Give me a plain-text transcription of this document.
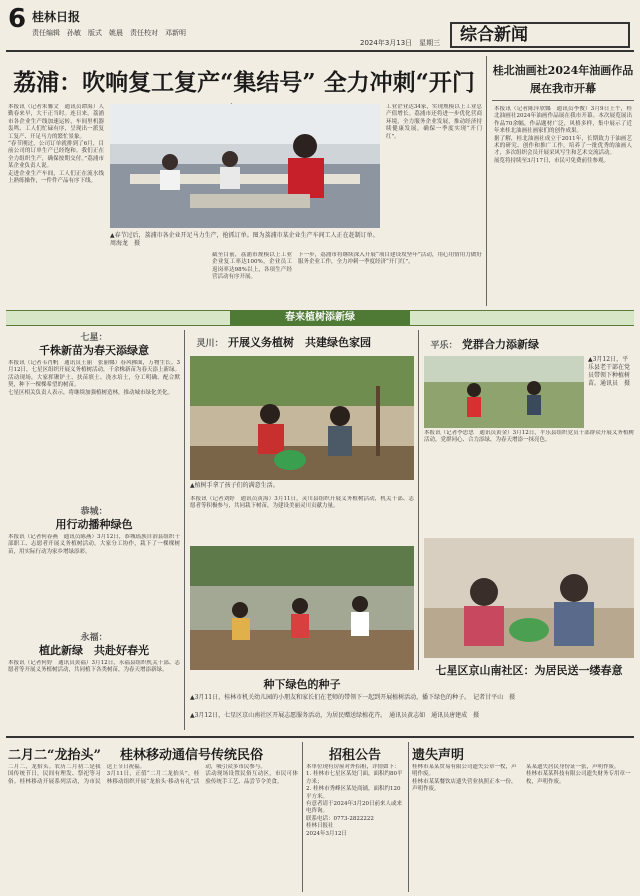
6 桂林日报
责任编辑　孙敏　版式　姚晨　责任校对　邓新明
2024年3月13日　星期三	综合新闻
荔浦：吹响复工复产“集结号” 全力冲刺“开门
本报讯（记者朱馨文　通讯员谭海）人勤春来早，大干正当时。连日来，荔浦市各企业生产线加速运转，车间里机器轰鸣、工人们忙碌有序，呈现出一派复工复产、开足马力的繁忙景象。
“春节刚过，公司订单就排到了6月，目前公司的订单生产已经饱和。我们正在全力组织生产，确保按期交付。”荔浦市某企业负责人说。
走进企业生产车间，工人们正在流水线上熟练操作，一件件产品有序下线。
工业企业达34家，实现规模以上工业总产值增长。荔浦市还将进一步优化营商环境，全力服务企业发展，推动经济持续健康发展，确保一季度实现“开门红”。
截至目前，荔浦市规模以上工业企业复工率达100%，企业员工返岗率达98%以上，各项生产经营活动有序开展。
下一步，荔浦市将继续深入开展“项目建设攻坚年”活动，用心用情用力做好服务企业工作，全力冲刺一季度经济“开门红”。
▲春节过后，荔浦市各企业开足马力生产，抢抓订单。图为荔浦市某企业生产车间工人正在赶制订单。　周海龙　摄
桂北油画社2024年油画作品展在我市开幕
本报讯（记者陈萍欣娜　通讯员李俊）3月9日上午，桂北油画社2024年油画作品展在我市开幕。本次展览展出作品70余幅，作品题材广泛，风格多样，集中展示了近年来桂北油画社画家们的创作成果。
据了解，桂北油画社成立于2011年，长期致力于油画艺术的研究、创作和推广工作，培养了一批优秀的油画人才，多次组织会员开展采风写生和艺术交流活动。
展览将持续至3月17日，市民可免费前往参观。
春来植树添新绿
七星：
千株新苗为春天添绿意
本报讯（记者韦肖帆　通讯员王丽　张丽娜）春风拂面，万物生长。3月12日，七星区组织开展义务植树活动，千余株新苗为春天添上新绿。
活动现场，大家挥锹铲土、扶苗填土、浇水培土，分工明确、配合默契，种下一棵棵希望的树苗。
七星区相关负责人表示，将继续加强植树造林，推动城市绿化美化。
恭城：
用行动播种绿色
本报讯（记者何春燕　通讯员陈燕）3月12日，恭城瑶族自治县组织干部职工、志愿者开展义务植树活动。大家分工协作，栽下了一棵棵树苗，用实际行动为家乡增绿添彩。
永福：
植此新绿　共赴好春光
本报讯（记者何婷　通讯员黄福）3月12日，永福县组织机关干部、志愿者等开展义务植树活动，共同植下各类树苗，为春天增添新绿。
灵川： 开展义务植树　共建绿色家园
▲植树手拿了孩子们的满意生活。
本报讯（记者刘婷　通讯员黄海）3月11日，灵川县组织开展义务植树活动，机关干部、志愿者等积极参与，共同栽下树苗，为建设美丽灵川贡献力量。
种下绿色的种子
平乐： 党群合力添新绿
▲3月12日，平乐县老干部在党员带领下种植树苗。通讯员　摄
本报讯（记者李思思　通讯员黄金）3月12日，平乐县组织党员干部群众开展义务植树活动，党群同心、合力添绿，为春天增添一抹亮色。
七星区京山南社区：为居民送一缕春意
▲3月11日，桂林市机关幼儿园的小朋友和家长们在老师的带领下一起到开展植树活动，播下绿色的种子。　记者甘平山　摄
▲3月12日，七星区京山南社区开展志愿服务活动，为居民赠送绿植花卉。　通讯员黄志如　通讯员唐建成　摄
二月二“龙抬头” 桂林移动通信号传统民俗
二月二，龙抬头。农历二月初二是我国传统节日，民间有理发、祭祀等习俗。桂林移动开展系列活动，为市民送上节日祝福。
3月11日，正值“二月二龙抬头”，桂林移动组织开展“龙抬头·移动有礼”活动，吸引众多市民参与。
活动现场设置民俗互动区，市民可体验传统手工艺、品尝节令美食。
招租公告
本单位现有房屋对外招租，详情如下：
1. 桂林市七星区某处门面，面积约80平方米；
2. 桂林市秀峰区某处商铺，面积约120平方米。
有意者请于2024年3月20日前来人或来电咨询。
联系电话：0773-2822222
桂林日报社
2024年3月12日
遗失声明
桂林市某某贸易有限公司遗失公章一枚，声明作废。
桂林市某某餐饮店遗失营业执照正本一份，声明作废。
某某遗失居民身份证一张，声明作废。
桂林市某某科技有限公司遗失财务专用章一枚，声明作废。
